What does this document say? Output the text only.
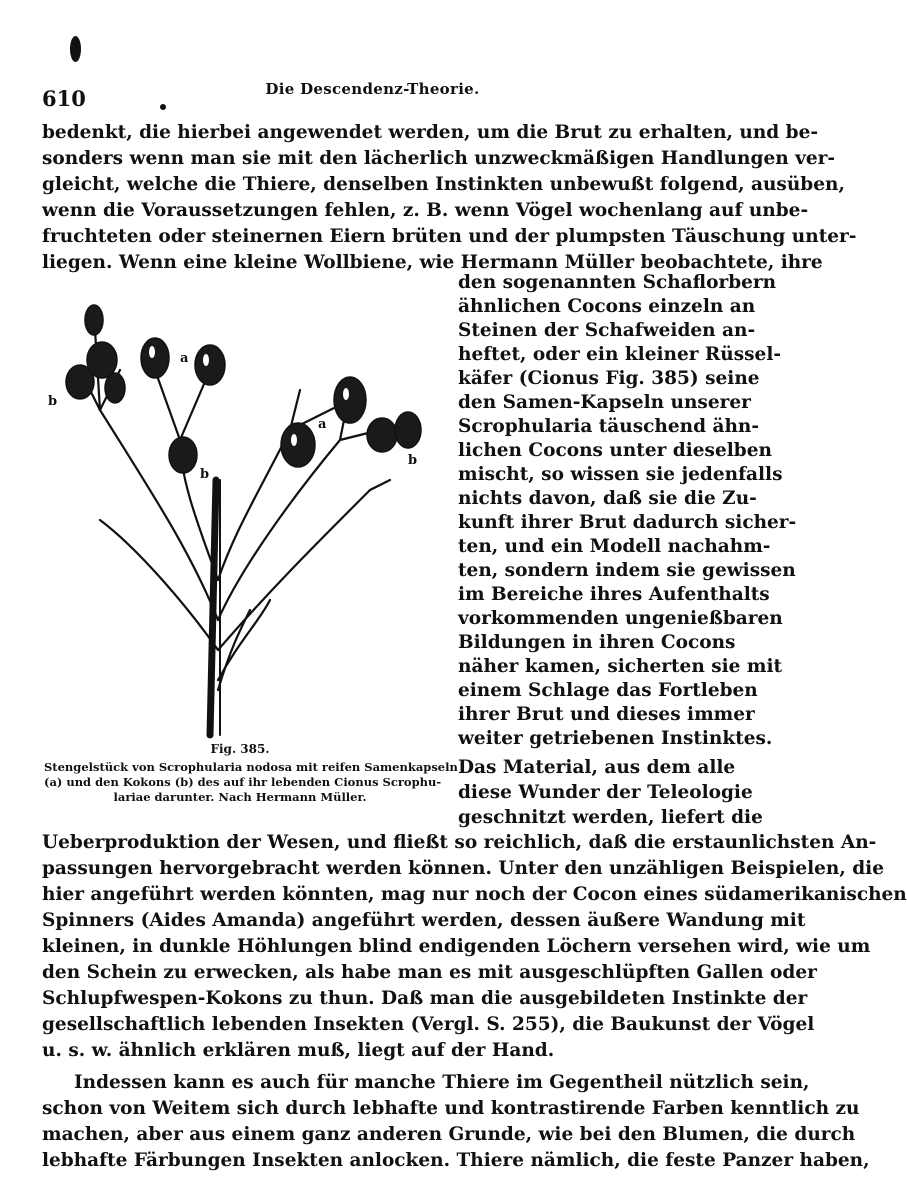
610	Die Descendenz-Theorie.
bedenkt, die hierbei angewendet werden, um die Brut zu erhalten, und be-
sonders wenn man sie mit den lächerlich unzweckmäßigen Handlungen ver-
gleicht, welche die Thiere, denselben Instinkten unbewußt folgend, ausüben,
wenn die Voraussetzungen fehlen, z. B. wenn Vögel wochenlang auf unbe-
fruchteten oder steinernen Eiern brüten und der plumpsten Täuschung unter-
liegen. Wenn eine kleine Wollbiene, wie Hermann Müller beobachtete, ihre
den sogenannten Schaflorbern
ähnlichen Cocons einzeln an
Steinen der Schafweiden an-
heftet, oder ein kleiner Rüssel-
käfer (Cionus Fig. 385) seine
den Samen-Kapseln unserer
Scrophularia täuschend ähn-
lichen Cocons unter dieselben
mischt, so wissen sie jedenfalls
nichts davon, daß sie die Zu-
kunft ihrer Brut dadurch sicher-
ten, und ein Modell nachahm-
ten, sondern indem sie gewissen
im Bereiche ihres Aufenthalts
vorkommenden ungenießbaren
Bildungen in ihren Cocons
näher kamen, sicherten sie mit
einem Schlage das Fortleben
ihrer Brut und dieses immer
weiter getriebenen Instinktes.
Das Material, aus dem alle
diese Wunder der Teleologie
geschnitzt werden, liefert die
a
b
a
b
b
Fig. 385.
Stengelstück von Scrophularia nodosa mit reifen Samenkapseln
(a) und den Kokons (b) des auf ihr lebenden Cionus Scrophu-
lariae darunter. Nach Hermann Müller.
Ueberproduktion der Wesen, und fließt so reichlich, daß die erstaunlichsten An-
passungen hervorgebracht werden können. Unter den unzähligen Beispielen, die
hier angeführt werden könnten, mag nur noch der Cocon eines südamerikanischen
Spinners (Aides Amanda) angeführt werden, dessen äußere Wandung mit
kleinen, in dunkle Höhlungen blind endigenden Löchern versehen wird, wie um
den Schein zu erwecken, als habe man es mit ausgeschlüpften Gallen oder
Schlupfwespen-Kokons zu thun. Daß man die ausgebildeten Instinkte der
gesellschaftlich lebenden Insekten (Vergl. S. 255), die Baukunst der Vögel
u. s. w. ähnlich erklären muß, liegt auf der Hand.
Indessen kann es auch für manche Thiere im Gegentheil nützlich sein,
schon von Weitem sich durch lebhafte und kontrastirende Farben kenntlich zu
machen, aber aus einem ganz anderen Grunde, wie bei den Blumen, die durch
lebhafte Färbungen Insekten anlocken. Thiere nämlich, die feste Panzer haben,
